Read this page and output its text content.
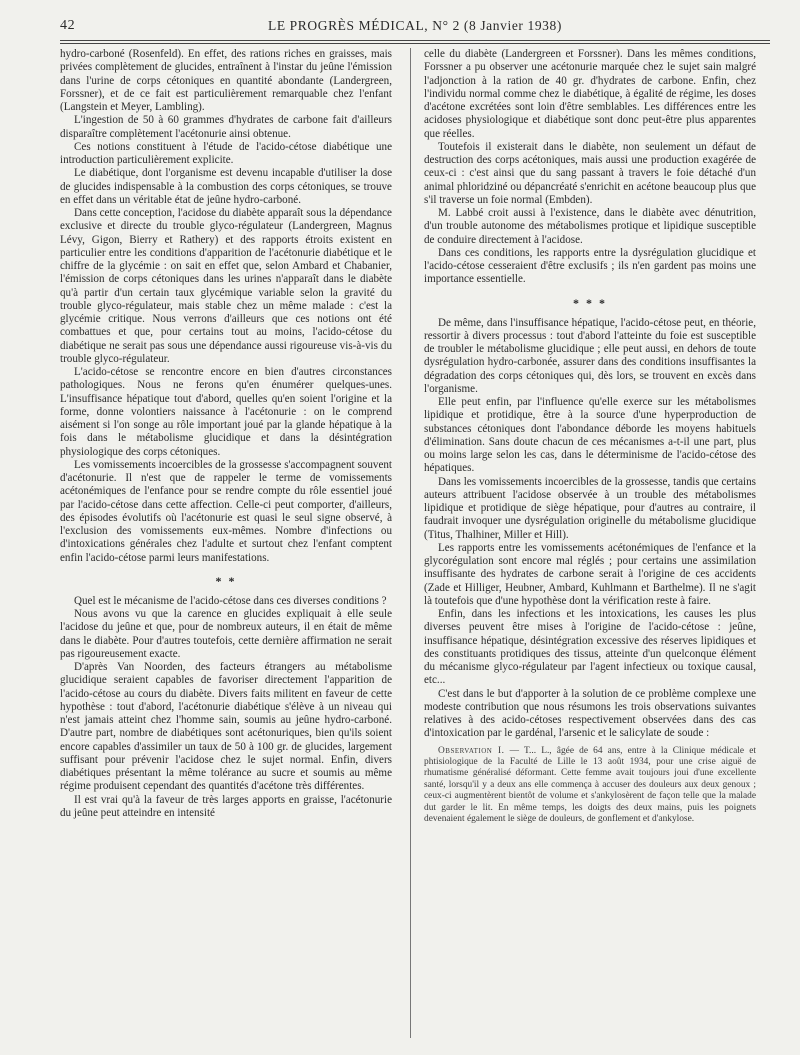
42	LE PROGRÈS MÉDICAL, N° 2 (8 Janvier 1938)

hydro-carboné (Rosenfeld). En effet, des rations riches en graisses, mais privées complètement de glucides, entraînent à l'instar du jeûne l'émission dans l'urine de corps cétoniques en quantité abondante (Landergreen, Forssner), et de ce fait est particulièrement remarquable chez l'enfant (Langstein et Meyer, Lambling).

L'ingestion de 50 à 60 grammes d'hydrates de carbone fait d'ailleurs disparaître complètement l'acétonurie ainsi obtenue.

Ces notions constituent à l'étude de l'acido-cétose diabétique une introduction particulièrement explicite.

Le diabétique, dont l'organisme est devenu incapable d'utiliser la dose de glucides indispensable à la combustion des corps cétoniques, se trouve en effet dans un véritable état de jeûne hydro-carboné.

Dans cette conception, l'acidose du diabète apparaît sous la dépendance exclusive et directe du trouble glyco-régulateur (Landergreen, Magnus Lévy, Gigon, Bierry et Rathery) et des rapports étroits existent en particulier entre les conditions d'apparition de l'acétonurie diabétique et le chiffre de la glycémie : on sait en effet que, selon Ambard et Chabanier, l'émission de corps cétoniques dans les urines n'apparaît dans le diabète qu'à partir d'un certain taux glycémique variable selon la gravité du trouble glyco-régulateur, mais stable chez un même malade : c'est la glycémie critique. Nous verrons d'ailleurs que ces notions ont été combattues et que, pour certains tout au moins, l'acido-cétose du diabétique ne serait pas sous une dépendance aussi rigoureuse vis-à-vis du trouble glyco-régulateur.

L'acido-cétose se rencontre encore en bien d'autres circonstances pathologiques. Nous ne ferons qu'en énumérer quelques-unes. L'insuffisance hépatique tout d'abord, quelles qu'en soient l'origine et la forme, donne volontiers naissance à l'acétonurie : on le comprend aisément si l'on songe au rôle important joué par la glande hépatique à la fois dans le métabolisme glucidique et dans la désintégration physiologique des corps cétoniques.

Les vomissements incoercibles de la grossesse s'accompagnent souvent d'acétonurie. Il n'est que de rappeler le terme de vomissements acétonémiques de l'enfance pour se rendre compte du rôle essentiel joué par l'acido-cétose dans cette affection. Celle-ci peut comporter, d'ailleurs, des épisodes évolutifs où l'acétonurie est quasi le seul signe observé, à l'exclusion des vomissements eux-mêmes. Nombre d'infections ou d'intoxications générales chez l'adulte et surtout chez l'enfant comptent enfin l'acido-cétose parmi leurs manifestations.

* *

Quel est le mécanisme de l'acido-cétose dans ces diverses conditions ?

Nous avons vu que la carence en glucides expliquait à elle seule l'acidose du jeûne et que, pour de nombreux auteurs, il en était de même dans le diabète. Pour d'autres toutefois, cette dernière affirmation ne serait pas rigoureusement exacte.

D'après Van Noorden, des facteurs étrangers au métabolisme glucidique seraient capables de favoriser directement l'apparition de l'acido-cétose au cours du diabète. Divers faits militent en faveur de cette hypothèse : tout d'abord, l'acétonurie diabétique s'élève à un niveau qui n'est jamais atteint chez l'homme sain, soumis au jeûne hydro-carboné. D'autre part, nombre de diabétiques sont acétonuriques, bien qu'ils soient encore capables d'assimiler un taux de 50 à 100 gr. de glucides, largement suffisant pour prévenir l'acidose chez le sujet normal. Enfin, divers diabétiques présentant la même tolérance au sucre et soumis au même régime produisent cependant des quantités d'acétone très différentes.

Il est vrai qu'à la faveur de très larges apports en graisse, l'acétonurie du jeûne peut atteindre en intensité

celle du diabète (Landergreen et Forssner). Dans les mêmes conditions, Forssner a pu observer une acétonurie marquée chez le sujet sain malgré l'adjonction à la ration de 40 gr. d'hydrates de carbone. Enfin, chez l'individu normal comme chez le diabétique, à égalité de régime, les doses d'acétone excrétées sont loin d'être semblables. Les différences entre les acidoses physiologique et diabétique sont donc peut-être plus apparentes que réelles.

Toutefois il existerait dans le diabète, non seulement un défaut de destruction des corps acétoniques, mais aussi une production exagérée de ceux-ci : c'est ainsi que du sang passant à travers le foie détaché d'un animal phloridziné ou dépancréaté s'enrichit en acétone beaucoup plus que s'il traverse un foie normal (Embden).

M. Labbé croit aussi à l'existence, dans le diabète avec dénutrition, d'un trouble autonome des métabolismes protique et lipidique susceptible de conduire directement à l'acidose.

Dans ces conditions, les rapports entre la dysrégulation glucidique et l'acido-cétose cesseraient d'être exclusifs ; ils n'en gardent pas moins une importance essentielle.

* * *

De même, dans l'insuffisance hépatique, l'acido-cétose peut, en théorie, ressortir à divers processus : tout d'abord l'atteinte du foie est susceptible de troubler le métabolisme glucidique ; elle peut aussi, en dehors de toute dysrégulation hydro-carbonée, assurer dans des conditions insuffisantes la dégradation des corps cétoniques qui, dès lors, se trouvent en excès dans l'organisme.

Elle peut enfin, par l'influence qu'elle exerce sur les métabolismes lipidique et protidique, être à la source d'une hyperproduction de substances cétoniques dont l'abondance déborde les moyens habituels d'élimination. Sans doute chacun de ces mécanismes a-t-il une part, plus ou moins large selon les cas, dans le déterminisme de l'acido-cétose des hépatiques.

Dans les vomissements incoercibles de la grossesse, tandis que certains auteurs attribuent l'acidose observée à un trouble des métabolismes lipidique et protidique de siège hépatique, pour d'autres au contraire, il faudrait invoquer une dysrégulation originelle du métabolisme glucidique (Titus, Thalhiner, Miller et Hill).

Les rapports entre les vomissements acétonémiques de l'enfance et la glycorégulation sont encore mal réglés ; pour certains une assimilation insuffisante des hydrates de carbone serait à l'origine de ces accidents (Zade et Hilliger, Heubner, Ambard, Kuhlmann et Barthelme). Il ne s'agit là toutefois que d'une hypothèse dont la vérification reste à faire.

Enfin, dans les infections et les intoxications, les causes les plus diverses peuvent être mises à l'origine de l'acido-cétose : jeûne, insuffisance hépatique, désintégration excessive des réserves lipidiques et des constituants protidiques des tissus, atteinte d'un quelconque élément du mécanisme glyco-régulateur par l'agent infectieux ou toxique causal, etc...

C'est dans le but d'apporter à la solution de ce problème complexe une modeste contribution que nous résumons les trois observations suivantes relatives à des acido-cétoses respectivement observées dans des cas d'intoxication par le gardénal, l'arsenic et le salicylate de soude :

Observation I. — T... L., âgée de 64 ans, entre à la Clinique médicale et phtisiologique de la Faculté de Lille le 13 août 1934, pour une crise aiguë de rhumatisme généralisé déformant. Cette femme avait toujours joui d'une excellente santé, lorsqu'il y a deux ans elle commença à accuser des douleurs aux deux genoux ; ceux-ci augmentèrent bientôt de volume et s'ankylosèrent de façon telle que la malade dut garder le lit. En même temps, les doigts des deux mains, puis les poignets devenaient également le siège de douleurs, de gonflement et d'ankylose.
